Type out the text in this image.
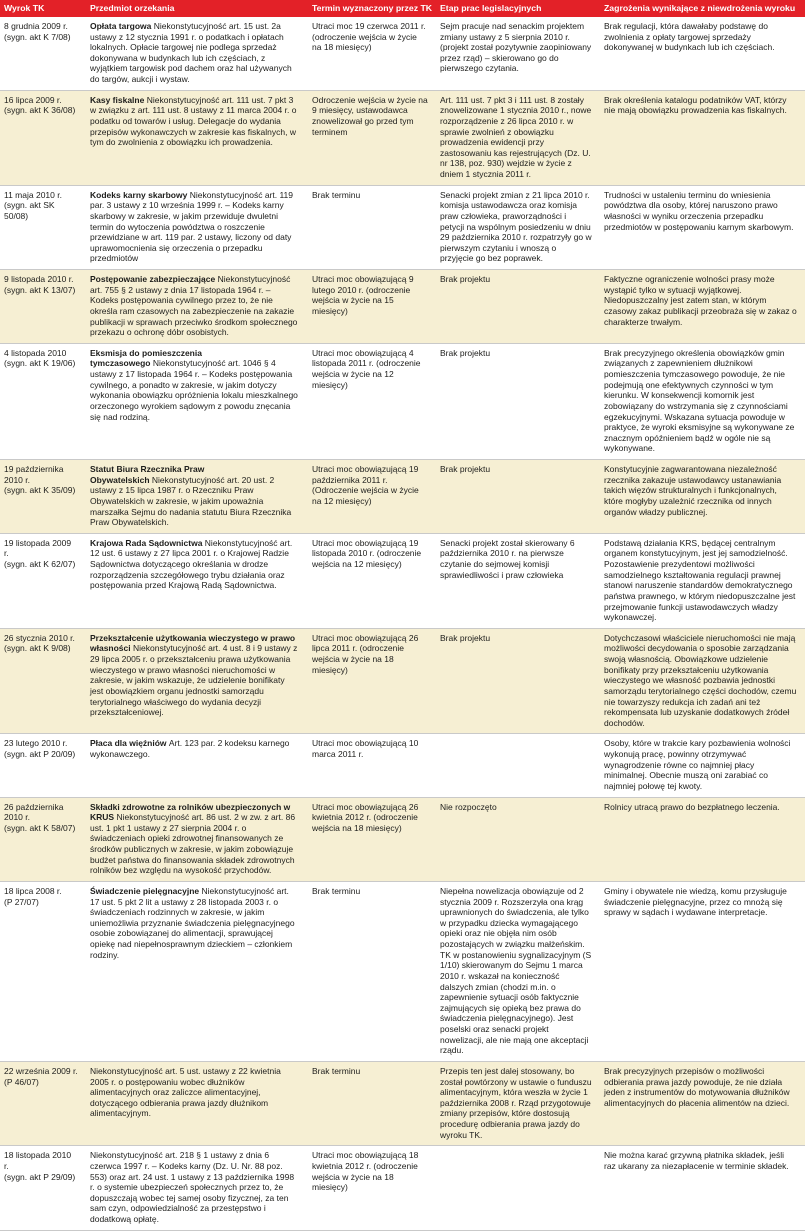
Wyrok TK	Przedmiot orzekania	Termin wyznaczony przez TK	Etap prac legislacyjnych	Zagrożenia wynikające z niewdrożenia wyroku

8 grudnia 2009 r.
(sygn. akt K 7/08)	Opłata targowa Niekonstytucyjność art. 15 ust. 2a ustawy z 12 stycznia 1991 r. o podatkach i opłatach lokalnych. Opłacie targowej nie podlega sprzedaż dokonywana w budynkach lub ich częściach, z wyjątkiem targowisk pod dachem oraz hal używanych do targów, aukcji i wystaw.	Utraci moc 19 czerwca 2011 r. (odroczenie wejścia w życie na 18 miesięcy)	Sejm pracuje nad senackim projektem zmiany ustawy z 5 sierpnia 2010 r. (projekt został pozytywnie zaopiniowany przez rząd) – skierowano go do pierwszego czytania.	Brak regulacji, która dawałaby podstawę do zwolnienia z opłaty targowej sprzedaży dokonywanej w budynkach lub ich częściach.

16 lipca 2009 r.
(sygn. akt K 36/08)
	Kasy fiskalne Niekonstytucyjność art. 111 ust. 7 pkt 3 w związku z art. 111 ust. 8 ustawy z 11 marca 2004 r. o podatku od towarów i usług. Delegacje do wydania przepisów wykonawczych w zakresie kas fiskalnych, w tym do zwolnienia z obowiązku ich prowadzenia.	Odroczenie wejścia w życie na 9 miesięcy, ustawodawca znowelizował go przed tym terminem	Art. 111 ust. 7 pkt 3 i 111 ust. 8 zostały znowelizowane 1 stycznia 2010 r., nowe rozporządzenie z 26 lipca 2010 r. w sprawie zwolnień z obowiązku prowadzenia ewidencji przy zastosowaniu kas rejestrujących (Dz. U. nr 138, poz. 930) wejdzie w życie z dniem 1 stycznia 2011 r.	Brak określenia katalogu podatników VAT, którzy nie mają obowiązku prowadzenia kas fiskalnych.

11 maja 2010 r.
(sygn. akt SK 50/08)
	Kodeks karny skarbowy Niekonstytucyjność art. 119 par. 3 ustawy z 10 września 1999 r. – Kodeks karny skarbowy w zakresie, w jakim przewiduje dwuletni termin do wytoczenia powództwa o roszczenie przewidziane w art. 119 par. 2 ustawy, liczony od daty uprawomocnienia się orzeczenia o przepadku przedmiotów	Brak terminu	Senacki projekt zmian z 21 lipca 2010 r. komisja ustawodawcza oraz komisja praw człowieka, praworządności i petycji na wspólnym posiedzeniu w dniu 29 października 2010 r. rozpatrzyły go w pierwszym czytaniu i wnoszą o przyjęcie go bez poprawek.	Trudności w ustaleniu terminu do wniesienia powództwa dla osoby, której naruszono prawo własności w wyniku orzeczenia przepadku przedmiotów w postępowaniu karnym skarbowym.

9 listopada 2010 r.
(sygn. akt K 13/07)	Postępowanie zabezpieczające Niekonstytucyjność art. 755 § 2 ustawy z dnia 17 listopada 1964 r. – Kodeks postępowania cywilnego przez to, że nie określa ram czasowych na zabezpieczenie na zakazie publikacji w sprawach przeciwko środkom społecznego przekazu o ochronę dóbr osobistych.	Utraci moc obowiązującą 9 lutego 2010 r. (odroczenie wejścia w życie na 15 miesięcy)	Brak projektu	Faktyczne ograniczenie wolności prasy może wystąpić tylko w sytuacji wyjątkowej. Niedopuszczalny jest zatem stan, w którym czasowy zakaz publikacji przeobraża się w zakaz o charakterze trwałym.

4 listopada 2010
(sygn. akt K 19/06)
	Eksmisja do pomieszczenia tymczasowego Niekonstytucyjność art. 1046 § 4 ustawy z 17 listopada 1964 r. – Kodeks postępowania cywilnego, a ponadto w zakresie, w jakim dotyczy wykonania obowiązku opróżnienia lokalu mieszkalnego orzeczonego wyrokiem sądowym z powodu znęcania się nad rodziną.	Utraci moc obowiązującą 4 listopada 2011 r. (odroczenie wejścia w życie na 12 miesięcy)	Brak projektu	Brak precyzyjnego określenia obowiązków gmin związanych z zapewnieniem dłużnikowi pomieszczenia tymczasowego powoduje, że nie podejmują one efektywnych czynności w tym kierunku. W konsekwencji komornik jest zobowiązany do wstrzymania się z czynnościami egzekucyjnymi. Wskazana sytuacja powoduje w praktyce, że wyroki eksmisyjne są wykonywane ze znacznym opóźnieniem bądź w ogóle nie są wykonywane.

19 października 2010 r.
(sygn. akt K 35/09)
	Statut Biura Rzecznika Praw Obywatelskich Niekonstytucyjność art. 20 ust. 2 ustawy z 15 lipca 1987 r. o Rzeczniku Praw Obywatelskich w zakresie, w jakim upoważnia marszałka Sejmu do nadania statutu Biura Rzecznika Praw Obywatelskich.	Utraci moc obowiązującą 19 października 2011 r. (Odroczenie wejścia w życie na 12 miesięcy)	Brak projektu	Konstytucyjnie zagwarantowana niezależność rzecznika zakazuje ustawodawcy ustanawiania takich więzów strukturalnych i funkcjonalnych, które mogłyby uzależnić rzecznika od innych organów władzy publicznej.

19 listopada 2009 r.
(sygn. akt K 62/07)
	Krajowa Rada Sądownictwa Niekonstytucyjność art. 12 ust. 6 ustawy z 27 lipca 2001 r. o Krajowej Radzie Sądownictwa dotyczącego określania w drodze rozporządzenia szczegółowego trybu działania oraz postępowania przed Krajową Radą Sądownictwa.	Utraci moc obowiązującą 19 listopada 2010 r. (odroczenie wejścia na 12 miesięcy)	Senacki projekt został skierowany 6 października 2010 r. na pierwsze czytanie do sejmowej komisji sprawiedliwości i praw człowieka	Podstawą działania KRS, będącej centralnym organem konstytucyjnym, jest jej samodzielność. Pozostawienie prezydentowi możliwości samodzielnego kształtowania regulacji prawnej stanowi naruszenie standardów demokratycznego państwa prawnego, w którym niedopuszczalne jest przejmowanie funkcji ustawodawczych władzy wykonawczej.

26 stycznia 2010 r.
(sygn. akt K 9/08)
	Przekształcenie użytkowania wieczystego w prawo własności Niekonstytucyjność art. 4 ust. 8 i 9 ustawy z 29 lipca 2005 r. o przekształceniu prawa użytkowania wieczystego w prawo własności nieruchomości w zakresie, w jakim wskazuje, że udzielenie bonifikaty jest obowiązkiem organu jednostki samorządu terytorialnego właściwego do wydania decyzji przekształceniowej.	Utraci moc obowiązującą 26 lipca 2011 r. (odroczenie wejścia w życie na 18 miesięcy)	Brak projektu	Dotychczasowi właściciele nieruchomości nie mają możliwości decydowania o sposobie zarządzania swoją własnością. Obowiązkowe udzielenie bonifikaty przy przekształceniu użytkowania wieczystego we własność pozbawia jednostki samorządu terytorialnego części dochodów, czemu nie towarzyszy redukcja ich zadań ani też rekompensata lub uzyskanie dodatkowych źródeł dochodów.

23 lutego 2010 r.
(sygn. akt P 20/09)	Płaca dla więźniów Art. 123 par. 2 kodeksu karnego wykonawczego.	Utraci moc obowiązującą 10 marca 2011 r.		Osoby, które w trakcie kary pozbawienia wolności wykonują pracę, powinny otrzymywać wynagrodzenie równe co najmniej płacy minimalnej. Obecnie muszą oni zarabiać co najmniej połowę tej kwoty.

26 października 2010 r.
(sygn. akt K 58/07)	Składki zdrowotne za rolników ubezpieczonych w KRUS Niekonstytucyjność art. 86 ust. 2 w zw. z art. 86 ust. 1 pkt 1 ustawy z 27 sierpnia 2004 r. o świadczeniach opieki zdrowotnej finansowanych ze środków publicznych w zakresie, w jakim zobowiązuje budżet państwa do finansowania składek zdrowotnych rolników bez względu na wysokość przychodów.	Utraci moc obowiązującą 26 kwietnia 2012 r. (odroczenie wejścia na 18 miesięcy)	Nie rozpoczęto	Rolnicy utracą prawo do bezpłatnego leczenia.

18 lipca 2008 r.
(P 27/07)
	Świadczenie pielęgnacyjne Niekonstytucyjność art. 17 ust. 5 pkt 2 lit a ustawy z 28 listopada 2003 r. o świadczeniach rodzinnych w zakresie, w jakim uniemożliwia przyznanie świadczenia pielęgnacyjnego osobie zobowiązanej do alimentacji, sprawującej opiekę nad niepełnosprawnym dzieckiem – członkiem rodziny.	Brak terminu	Niepełna nowelizacja obowiązuje od 2 stycznia 2009 r. Rozszerzyła ona krąg uprawnionych do świadczenia, ale tylko w przypadku dziecka wymagającego opieki oraz nie objęła nim osób pozostających w związku małżeńskim. TK w postanowieniu sygnalizacyjnym (S 1/10) skierowanym do Sejmu 1 marca 2010 r. wskazał na konieczność dalszych zmian (chodzi m.in. o zapewnienie sytuacji osób faktycznie zajmujących się opieką bez prawa do świadczenia pielęgnacyjnego). Jest poselski oraz senacki projekt nowelizacji, ale nie mają one akceptacji rządu.	Gminy i obywatele nie wiedzą, komu przysługuje świadczenie pielęgnacyjne, przez co mnożą się sprawy w sądach i wydawane interpretacje.

22 września 2009 r.
(P 46/07)	Niekonstytucyjność art. 5 ust. ustawy z 22 kwietnia 2005 r. o postępowaniu wobec dłużników alimentacyjnych oraz zaliczce alimentacyjnej, dotyczącego odbierania prawa jazdy dłużnikom alimentacyjnym.	Brak terminu	Przepis ten jest dalej stosowany, bo został powtórzony w ustawie o funduszu alimentacyjnym, która weszła w życie 1 października 2008 r. Rząd przygotowuje zmiany przepisów, które dostosują procedurę odbierania prawa jazdy do wyroku TK.	Brak precyzyjnych przepisów o możliwości odbierania prawa jazdy powoduje, że nie działa jeden z instrumentów do motywowania dłużników alimentacyjnych do płacenia alimentów na dzieci.

18 listopada 2010 r.
(sygn. akt P 29/09)	Niekonstytucyjność art. 218 § 1 ustawy z dnia 6 czerwca 1997 r. – Kodeks karny (Dz. U. Nr. 88 poz. 553) oraz art. 24 ust. 1 ustawy z 13 października 1998 r. o systemie ubezpieczeń społecznych przez to, że dopuszczają wobec tej samej osoby fizycznej, za ten sam czyn, odpowiedzialność za przestępstwo i dodatkową opłatę.	Utraci moc obowiązującą 18 kwietnia 2012 r. (odroczenie wejścia w życie na 18 miesięcy)		Nie można karać grzywną płatnika składek, jeśli raz ukarany za niezapłacenie w terminie składek.
